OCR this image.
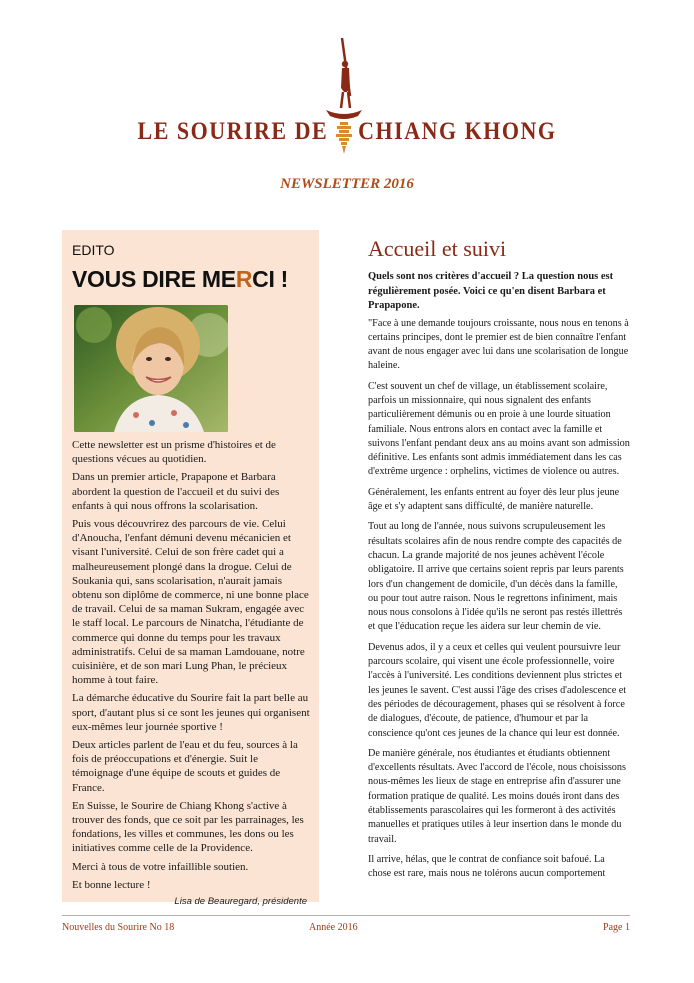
LE SOURIRE DE CHIANG KHONG
NEWSLETTER 2016
EDITO
VOUS DIRE MERCI !

Cette newsletter est un prisme d'histoires et de questions vécues au quotidien.

Dans un premier article, Prapapone et Barbara abordent la question de l'accueil et du suivi des enfants à qui nous offrons la scolarisation.

Puis vous découvrirez des parcours de vie. Celui d'Anoucha, l'enfant démuni devenu mécanicien et visant l'université. Celui de son frère cadet qui a malheureusement plongé dans la drogue. Celui de Soukania qui, sans scolarisation, n'aurait jamais obtenu son diplôme de commerce, ni une bonne place de travail. Celui de sa maman Sukram, engagée avec le staff local. Le parcours de Ninatcha, l'étudiante de commerce qui donne du temps pour les travaux administratifs. Celui de sa maman Lamdouane, notre cuisinière, et de son mari Lung Phan, le précieux homme à tout faire.

La démarche éducative du Sourire fait la part belle au sport, d'autant plus si ce sont les jeunes qui organisent eux-mêmes leur journée sportive !

Deux articles parlent de l'eau et du feu, sources à la fois de préoccupations et d'énergie. Suit le témoignage d'une équipe de scouts et guides de France.

En Suisse, le Sourire de Chiang Khong s'active à trouver des fonds, que ce soit par les parrainages, les fondations, les villes et communes, les dons ou les initiatives comme celle de la Providence.

Merci à tous de votre infaillible soutien.

Et bonne lecture !

Lisa de Beauregard, présidente
Accueil et suivi

Quels sont nos critères d'accueil ? La question nous est régulièrement posée. Voici ce qu'en disent Barbara et Prapapone.

"Face à une demande toujours croissante, nous nous en tenons à certains principes, dont le premier est de bien connaître l'enfant avant de nous engager avec lui dans une scolarisation de longue haleine.

C'est souvent un chef de village, un établissement scolaire, parfois un missionnaire, qui nous signalent des enfants particulièrement démunis ou en proie à une lourde situation familiale. Nous entrons alors en contact avec la famille et suivons l'enfant pendant deux ans au moins avant son admission définitive. Les enfants sont admis immédiatement dans les cas d'extrême urgence : orphelins, victimes de violence ou autres.

Généralement, les enfants entrent au foyer dès leur plus jeune âge et s'y adaptent sans difficulté, de manière naturelle.

Tout au long de l'année, nous suivons scrupuleusement les résultats scolaires afin de nous rendre compte des capacités de chacun. La grande majorité de nos jeunes achèvent l'école obligatoire. Il arrive que certains soient repris par leurs parents lors d'un changement de domicile, d'un décès dans la famille, ou pour tout autre raison. Nous le regrettons infiniment, mais nous nous consolons à l'idée qu'ils ne seront pas restés illettrés et que l'éducation reçue les aidera sur leur chemin de vie.

Devenus ados, il y a ceux et celles qui veulent poursuivre leur parcours scolaire, qui visent une école professionnelle, voire l'accès à l'université. Les conditions deviennent plus strictes et les jeunes le savent. C'est aussi l'âge des crises d'adolescence et des périodes de découragement, phases qui se résolvent à force de dialogues, d'écoute, de patience, d'humour et par la conscience qu'ont ces jeunes de la chance qui leur est donnée.

De manière générale, nos étudiantes et étudiants obtiennent d'excellents résultats. Avec l'accord de l'école, nous choisissons nous-mêmes les lieux de stage en entreprise afin d'assurer une formation pratique de qualité. Les moins doués iront dans des établissements parascolaires qui les formeront à des activités manuelles et pratiques utiles à leur insertion dans le monde du travail.

Il arrive, hélas, que le contrat de confiance soit bafoué. La chose est rare, mais nous ne tolérons aucun comportement

Nouvelles du Sourire No 18	Année 2016	Page 1
